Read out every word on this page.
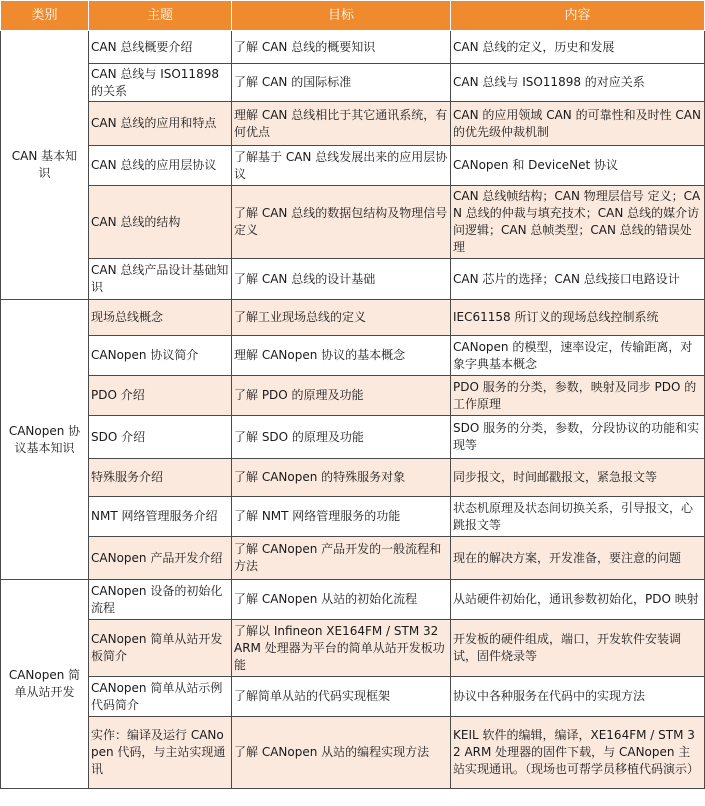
类别	主题	目标	内容
CAN 基本知识	CAN 总线概要介绍	了解 CAN 总线的概要知识	CAN 总线的定义，历史和发展
	CAN 总线与 ISO11898 的关系	了解 CAN 的国际标准	CAN 总线与 ISO11898 的对应关系
	CAN 总线的应用和特点	理解 CAN 总线相比于其它通讯系统，有何优点	CAN 的应用领域 CAN 的可靠性和及时性 CAN 的优先级仲裁机制
	CAN 总线的应用层协议	了解基于 CAN 总线发展出来的应用层协议	CANopen 和 DeviceNet 协议
	CAN 总线的结构	了解 CAN 总线的数据包结构及物理信号定义	CAN 总线帧结构；CAN 物理层信号 定义；CAN 总线的仲裁与填充技术；CAN 总线的媒介访问逻辑；CAN 总帧类型；CAN 总线的错误处理
	CAN 总线产品设计基础知识	了解 CAN 总线的设计基础	CAN 芯片的选择；CAN 总线接口电路设计
CANopen 协议基本知识	现场总线概念	了解工业现场总线的定义	IEC61158 所订义的现场总线控制系统
	CANopen 协议简介	理解 CANopen 协议的基本概念	CANopen 的模型，速率设定，传输距离，对象字典基本概念
	PDO 介绍	了解 PDO 的原理及功能	PDO 服务的分类，参数，映射及同步 PDO 的工作原理
	SDO 介绍	了解 SDO 的原理及功能	SDO 服务的分类，参数，分段协议的功能和实现等
	特殊服务介绍	了解 CANopen 的特殊服务对象	同步报文，时间邮戳报文，紧急报文等
	NMT 网络管理服务介绍	了解 NMT 网络管理服务的功能	状态机原理及状态间切换关系，引导报文，心跳报文等
	CANopen 产品开发介绍	了解 CANopen 产品开发的一般流程和 方法	现在的解决方案，开发准备，要注意的问题
CANopen 简单从站开发	CANopen 设备的初始化流程	了解 CANopen 从站的初始化流程	从站硬件初始化，通讯参数初始化，PDO 映射
	CANopen 简单从站开发板简介	了解以 Infineon XE164FM / STM 32 ARM 处理器为平台的简单从站开发板功能	开发板的硬件组成，端口，开发软件安装调试，固件烧录等
	CANopen 简单从站示例代码简介	了解简单从站的代码实现框架	协议中各种服务在代码中的实现方法
	实作：编译及运行 CANopen 代码，与主站实现通讯	了解 CANopen 从站的编程实现方法	KEIL 软件的编辑，编译，XE164FM / STM 32 ARM 处理器的固件下载，与 CANopen 主站实现通讯。（现场也可帮学员移植代码演示）
